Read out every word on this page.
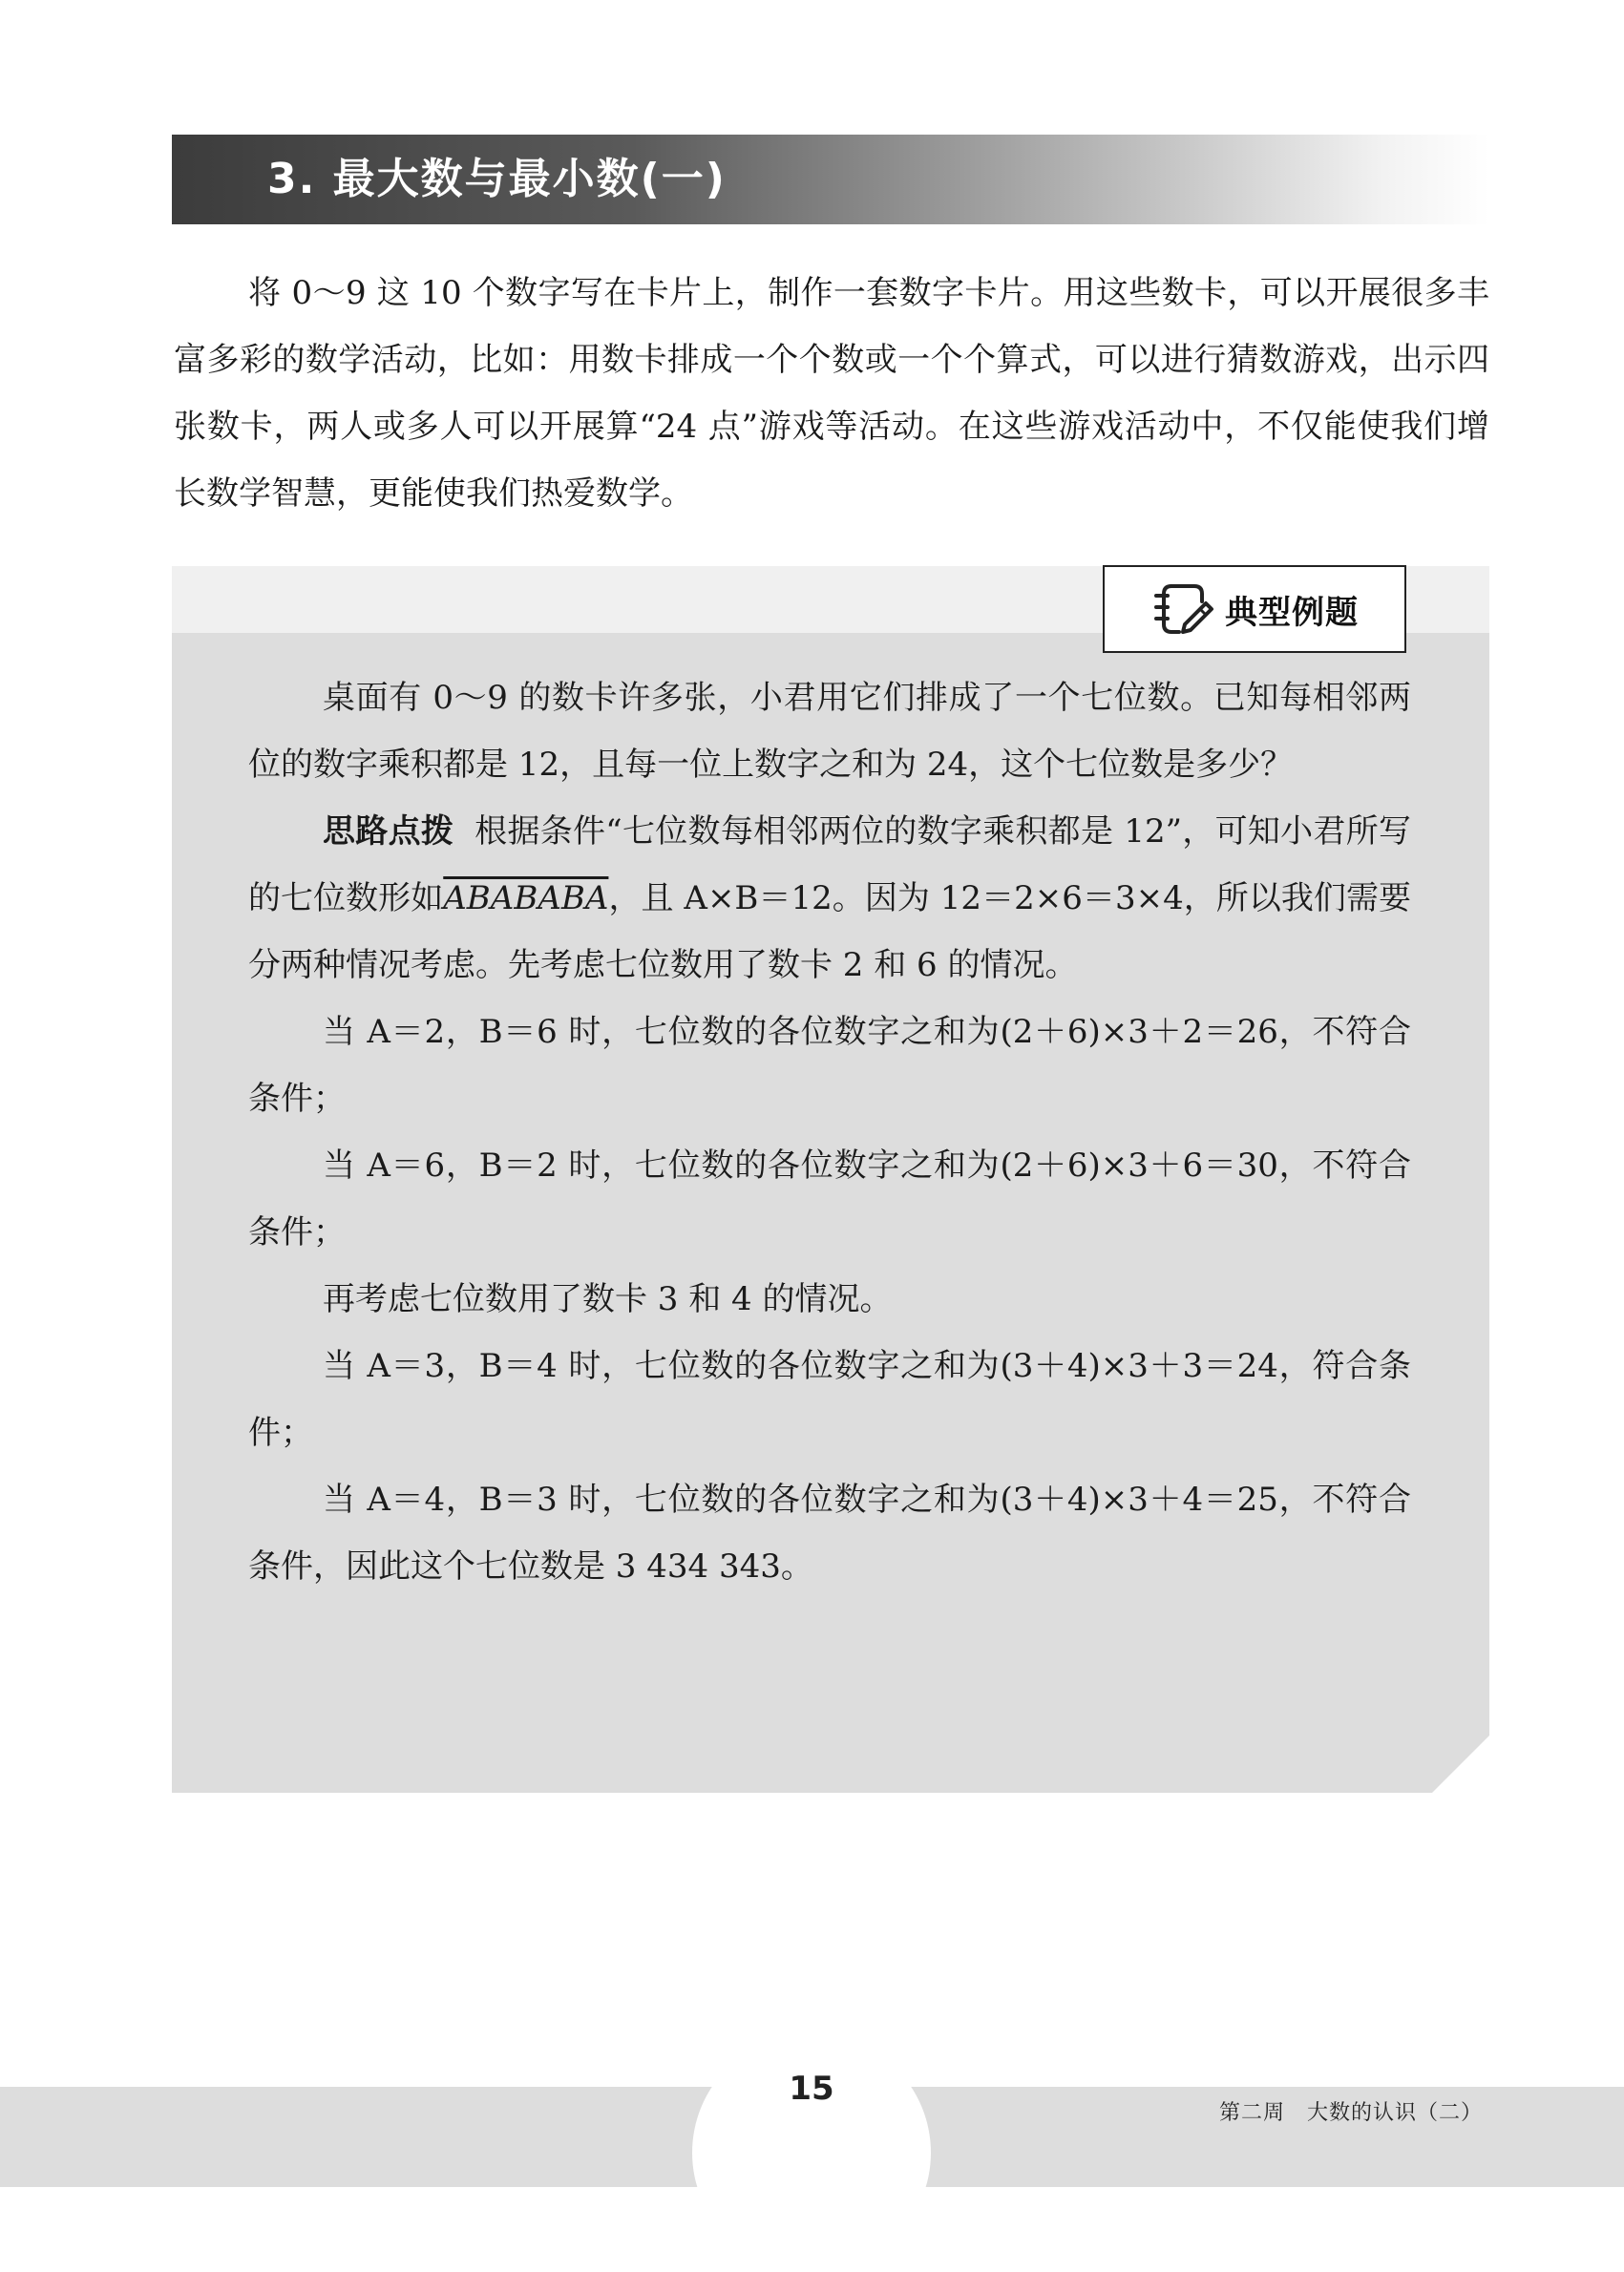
3. 最大数与最小数(一)

将 0～9 这 10 个数字写在卡片上，制作一套数字卡片。用这些数卡，可以开展很多丰富多彩的数学活动，比如：用数卡排成一个个数或一个个算式，可以进行猜数游戏，出示四张数卡，两人或多人可以开展算“24 点”游戏等活动。在这些游戏活动中，不仅能使我们增长数学智慧，更能使我们热爱数学。

典型例题

桌面有 0～9 的数卡许多张，小君用它们排成了一个七位数。已知每相邻两位的数字乘积都是 12，且每一位上数字之和为 24，这个七位数是多少？

思路点拨 根据条件“七位数每相邻两位的数字乘积都是 12”，可知小君所写的七位数形如ABABABA，且 A×B＝12。因为 12＝2×6＝3×4，所以我们需要分两种情况考虑。先考虑七位数用了数卡 2 和 6 的情况。

当 A＝2，B＝6 时，七位数的各位数字之和为(2＋6)×3＋2＝26，不符合条件；

当 A＝6，B＝2 时，七位数的各位数字之和为(2＋6)×3＋6＝30，不符合条件；

再考虑七位数用了数卡 3 和 4 的情况。

当 A＝3，B＝4 时，七位数的各位数字之和为(3＋4)×3＋3＝24，符合条件；

当 A＝4，B＝3 时，七位数的各位数字之和为(3＋4)×3＋4＝25，不符合条件，因此这个七位数是 3 434 343。

15
第二周　大数的认识（二）
